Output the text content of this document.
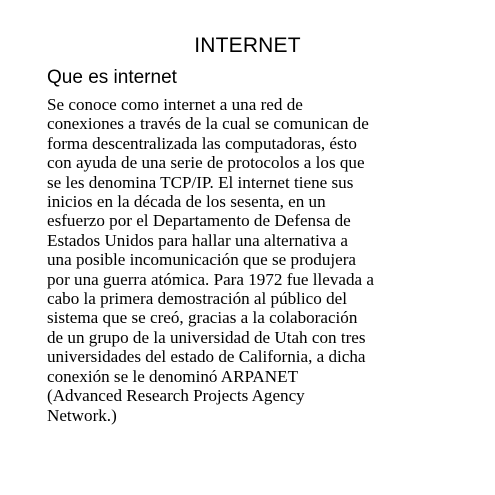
INTERNET
Que es internet

Se conoce como internet a una red de
conexiones a través de la cual se comunican de
forma descentralizada las computadoras, ésto
con ayuda de una serie de protocolos a los que
se les denomina TCP/IP. El internet tiene sus
inicios en la década de los sesenta, en un
esfuerzo por el Departamento de Defensa de
Estados Unidos para hallar una alternativa a
una posible incomunicación que se produjera
por una guerra atómica. Para 1972 fue llevada a
cabo la primera demostración al público del
sistema que se creó, gracias a la colaboración
de un grupo de la universidad de Utah con tres
universidades del estado de California, a dicha
conexión se le denominó ARPANET
(Advanced Research Projects Agency
Network.)
